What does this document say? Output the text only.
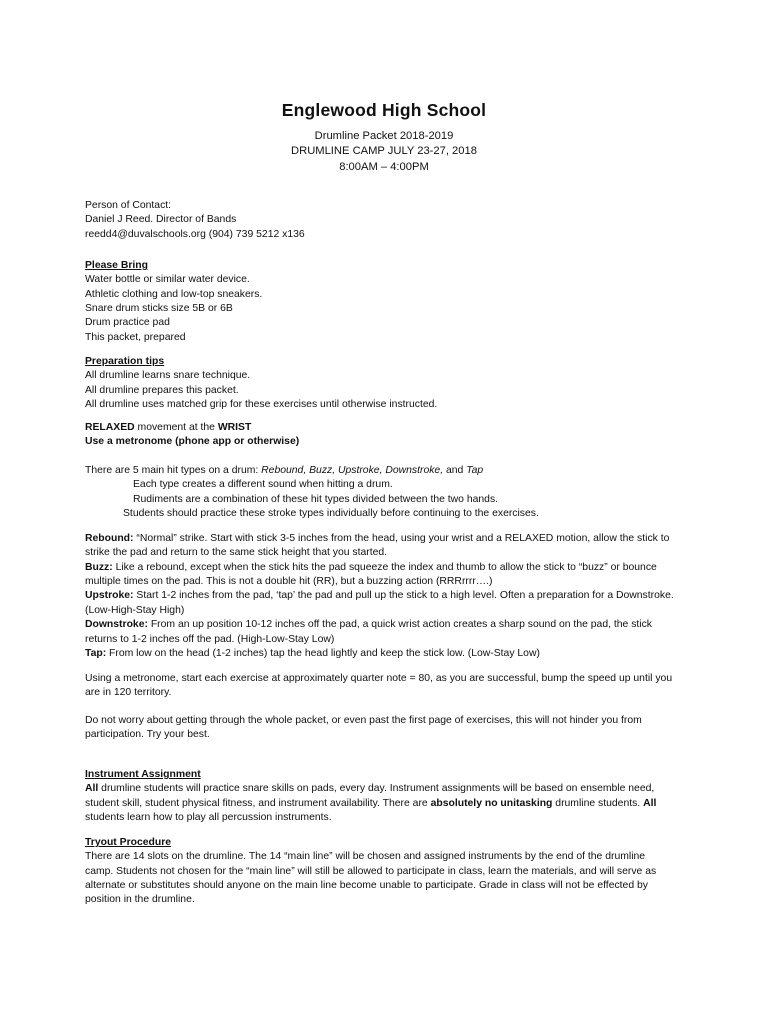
Englewood High School
Drumline Packet 2018-2019
DRUMLINE CAMP JULY 23-27, 2018
8:00AM – 4:00PM
Person of Contact:
Daniel J Reed. Director of Bands
reedd4@duvalschools.org (904) 739 5212 x136
Please Bring
Water bottle or similar water device.
Athletic clothing and low-top sneakers.
Snare drum sticks size 5B or 6B
Drum practice pad
This packet, prepared
Preparation tips
All drumline learns snare technique.
All drumline prepares this packet.
All drumline uses matched grip for these exercises until otherwise instructed.
RELAXED movement at the WRIST
Use a metronome (phone app or otherwise)
There are 5 main hit types on a drum: Rebound, Buzz, Upstroke, Downstroke, and Tap
Each type creates a different sound when hitting a drum.
Rudiments are a combination of these hit types divided between the two hands.
Students should practice these stroke types individually before continuing to the exercises.
Rebound: “Normal” strike. Start with stick 3-5 inches from the head, using your wrist and a RELAXED motion, allow the stick to strike the pad and return to the same stick height that you started.
Buzz: Like a rebound, except when the stick hits the pad squeeze the index and thumb to allow the stick to “buzz” or bounce multiple times on the pad. This is not a double hit (RR), but a buzzing action (RRRrrrr….)
Upstroke: Start 1-2 inches from the pad, ‘tap’ the pad and pull up the stick to a high level. Often a preparation for a Downstroke. (Low-High-Stay High)
Downstroke: From an up position 10-12 inches off the pad, a quick wrist action creates a sharp sound on the pad, the stick returns to 1-2 inches off the pad. (High-Low-Stay Low)
Tap: From low on the head (1-2 inches) tap the head lightly and keep the stick low. (Low-Stay Low)
Using a metronome, start each exercise at approximately quarter note = 80, as you are successful, bump the speed up until you are in 120 territory.
Do not worry about getting through the whole packet, or even past the first page of exercises, this will not hinder you from participation. Try your best.
Instrument Assignment
All drumline students will practice snare skills on pads, every day. Instrument assignments will be based on ensemble need, student skill, student physical fitness, and instrument availability. There are absolutely no unitasking drumline students. All students learn how to play all percussion instruments.
Tryout Procedure
There are 14 slots on the drumline. The 14 “main line” will be chosen and assigned instruments by the end of the drumline camp. Students not chosen for the “main line” will still be allowed to participate in class, learn the materials, and will serve as alternate or substitutes should anyone on the main line become unable to participate. Grade in class will not be effected by position in the drumline.
